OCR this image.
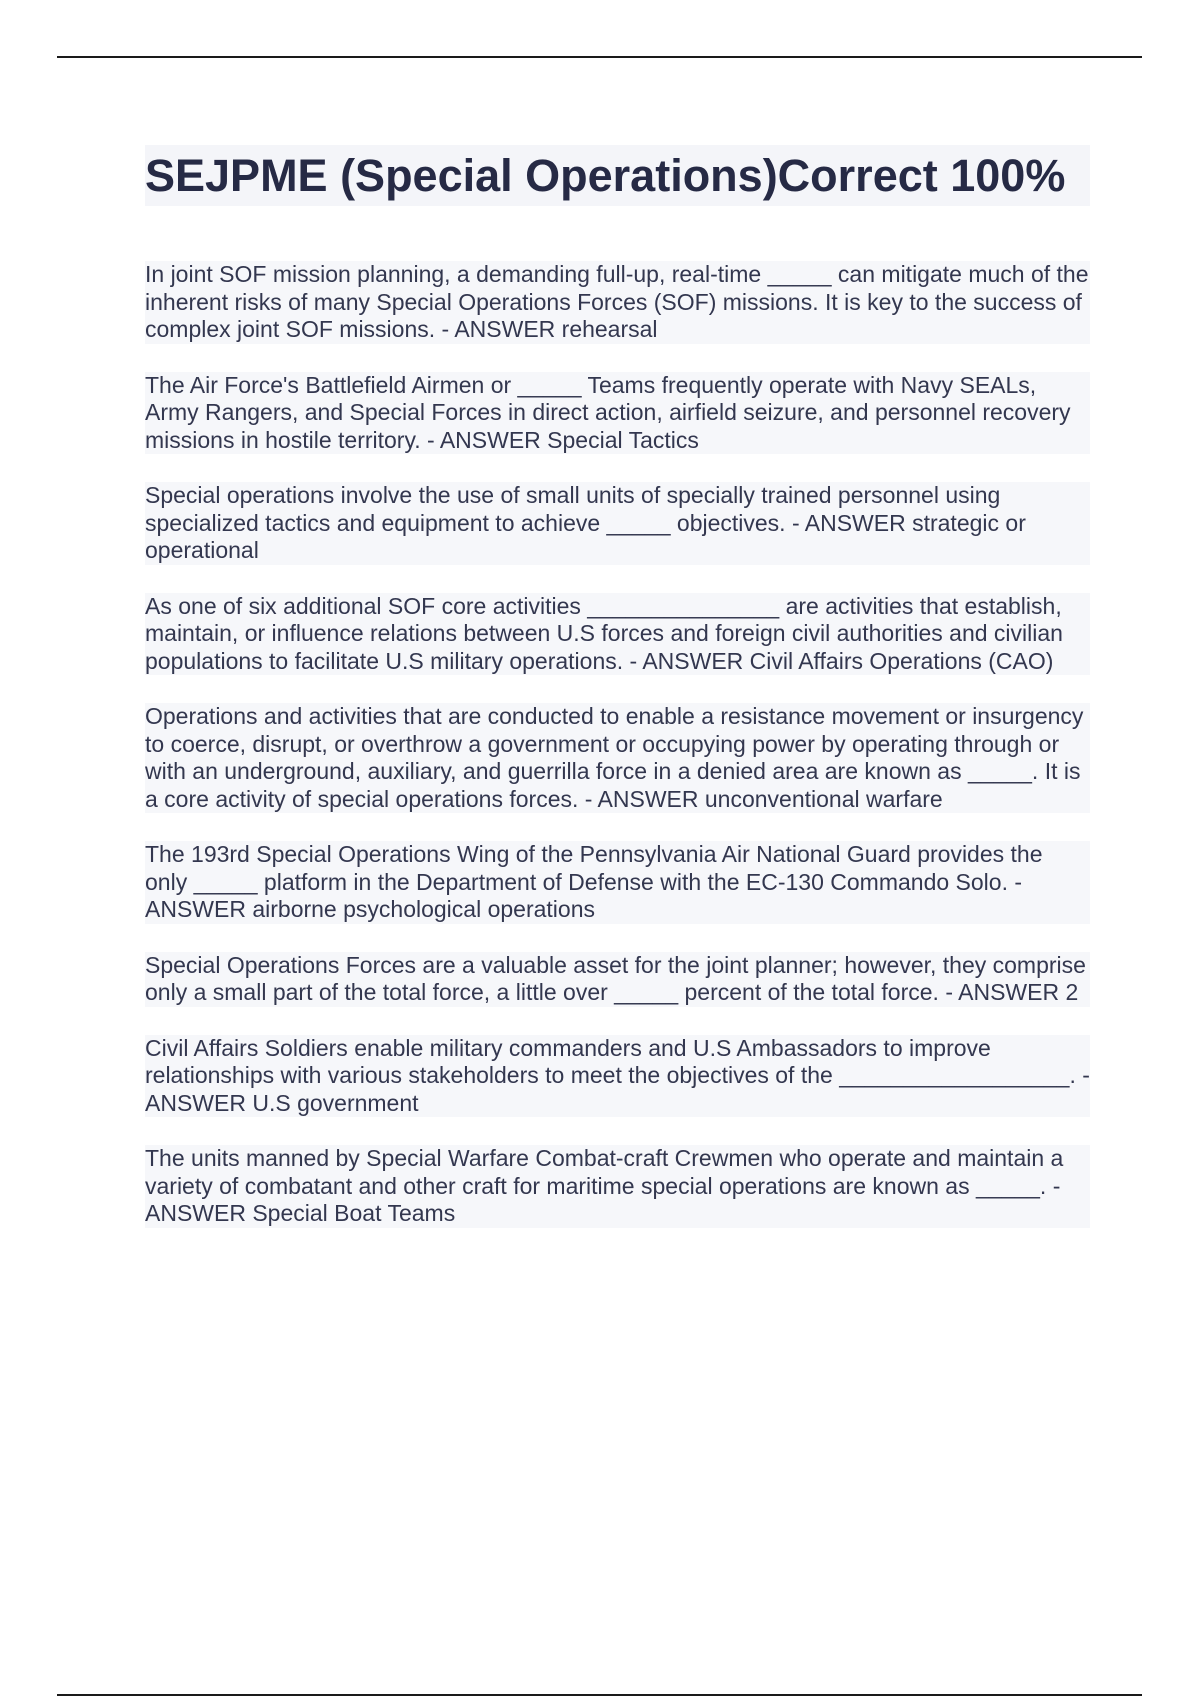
SEJPME (Special Operations)Correct 100%

In joint SOF mission planning, a demanding full-up, real-time _____ can mitigate much of the inherent risks of many Special Operations Forces (SOF) missions. It is key to the success of complex joint SOF missions. - ANSWER rehearsal

The Air Force's Battlefield Airmen or _____ Teams frequently operate with Navy SEALs, Army Rangers, and Special Forces in direct action, airfield seizure, and personnel recovery missions in hostile territory. - ANSWER Special Tactics

Special operations involve the use of small units of specially trained personnel using specialized tactics and equipment to achieve _____ objectives. - ANSWER strategic or operational

As one of six additional SOF core activities _______________ are activities that establish, maintain, or influence relations between U.S forces and foreign civil authorities and civilian populations to facilitate U.S military operations. - ANSWER Civil Affairs Operations (CAO)

Operations and activities that are conducted to enable a resistance movement or insurgency to coerce, disrupt, or overthrow a government or occupying power by operating through or with an underground, auxiliary, and guerrilla force in a denied area are known as _____. It is a core activity of special operations forces. - ANSWER unconventional warfare

The 193rd Special Operations Wing of the Pennsylvania Air National Guard provides the only _____ platform in the Department of Defense with the EC-130 Commando Solo. - ANSWER airborne psychological operations

Special Operations Forces are a valuable asset for the joint planner; however, they comprise only a small part of the total force, a little over _____ percent of the total force. - ANSWER 2

Civil Affairs Soldiers enable military commanders and U.S Ambassadors to improve relationships with various stakeholders to meet the objectives of the __________________. - ANSWER U.S government

The units manned by Special Warfare Combat-craft Crewmen who operate and maintain a variety of combatant and other craft for maritime special operations are known as _____. - ANSWER Special Boat Teams
